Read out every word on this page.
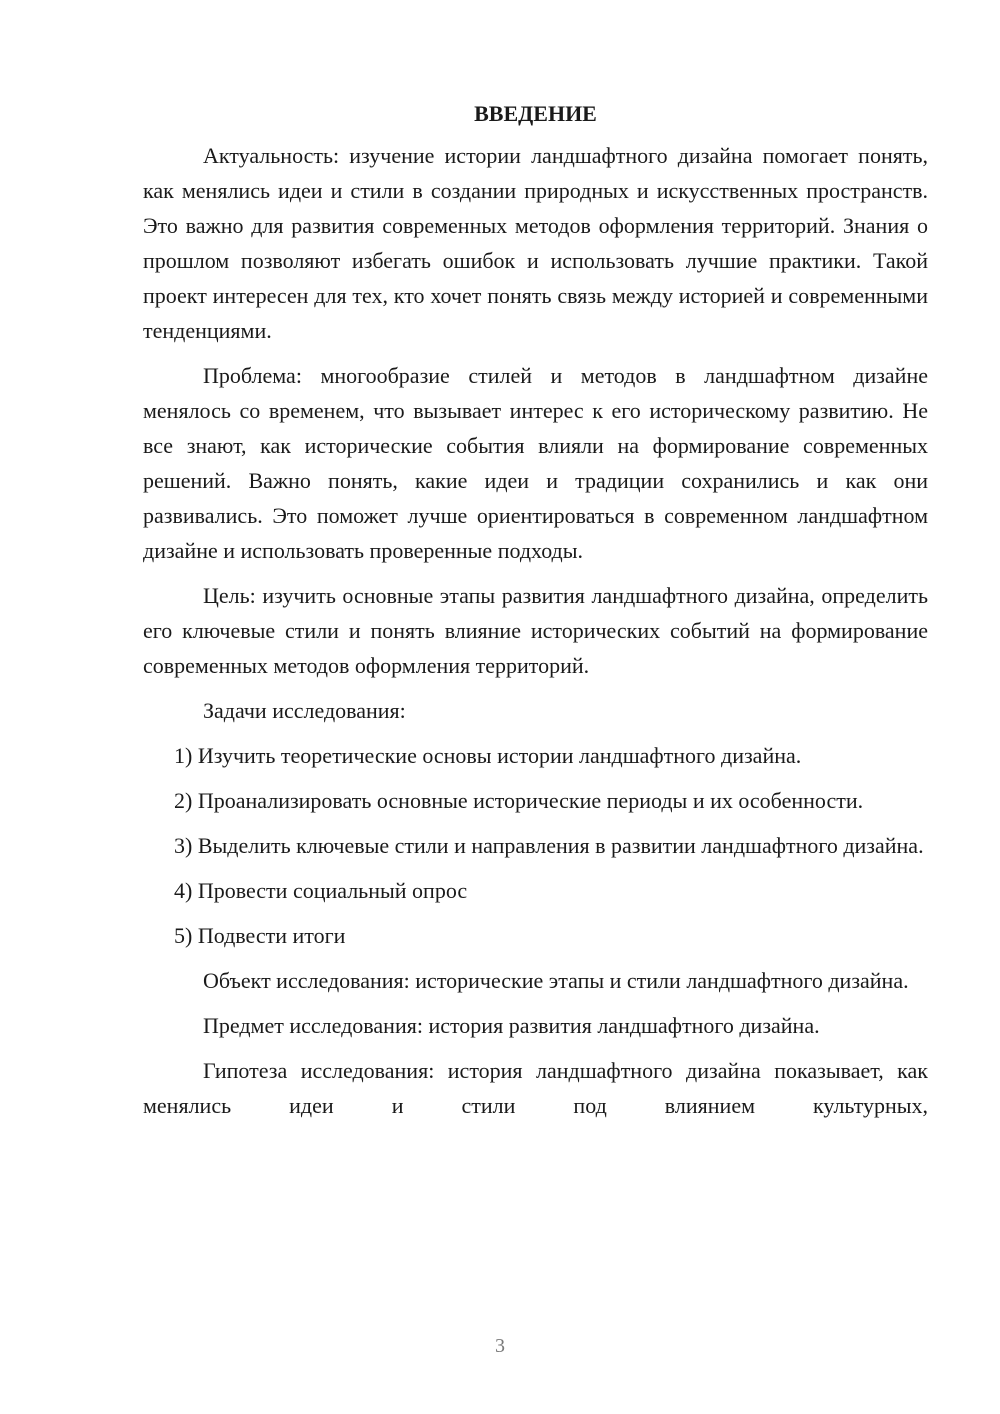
ВВЕДЕНИЕ
Актуальность: изучение истории ландшафтного дизайна помогает понять, как менялись идеи и стили в создании природных и искусственных пространств. Это важно для развития современных методов оформления территорий. Знания о прошлом позволяют избегать ошибок и использовать лучшие практики. Такой проект интересен для тех, кто хочет понять связь между историей и современными тенденциями.
Проблема: многообразие стилей и методов в ландшафтном дизайне менялось со временем, что вызывает интерес к его историческому развитию. Не все знают, как исторические события влияли на формирование современных решений. Важно понять, какие идеи и традиции сохранились и как они развивались. Это поможет лучше ориентироваться в современном ландшафтном дизайне и использовать проверенные подходы.
Цель: изучить основные этапы развития ландшафтного дизайна, определить его ключевые стили и понять влияние исторических событий на формирование современных методов оформления территорий.
Задачи исследования:
1) Изучить теоретические основы истории ландшафтного дизайна.
2) Проанализировать основные исторические периоды и их особенности.
3) Выделить ключевые стили и направления в развитии ландшафтного дизайна.
4) Провести социальный опрос
5) Подвести итоги
Объект исследования: исторические этапы и стили ландшафтного дизайна.
Предмет исследования: история развития ландшафтного дизайна.
Гипотеза исследования: история ландшафтного дизайна показывает, как менялись идеи и стили под влиянием культурных,
3
